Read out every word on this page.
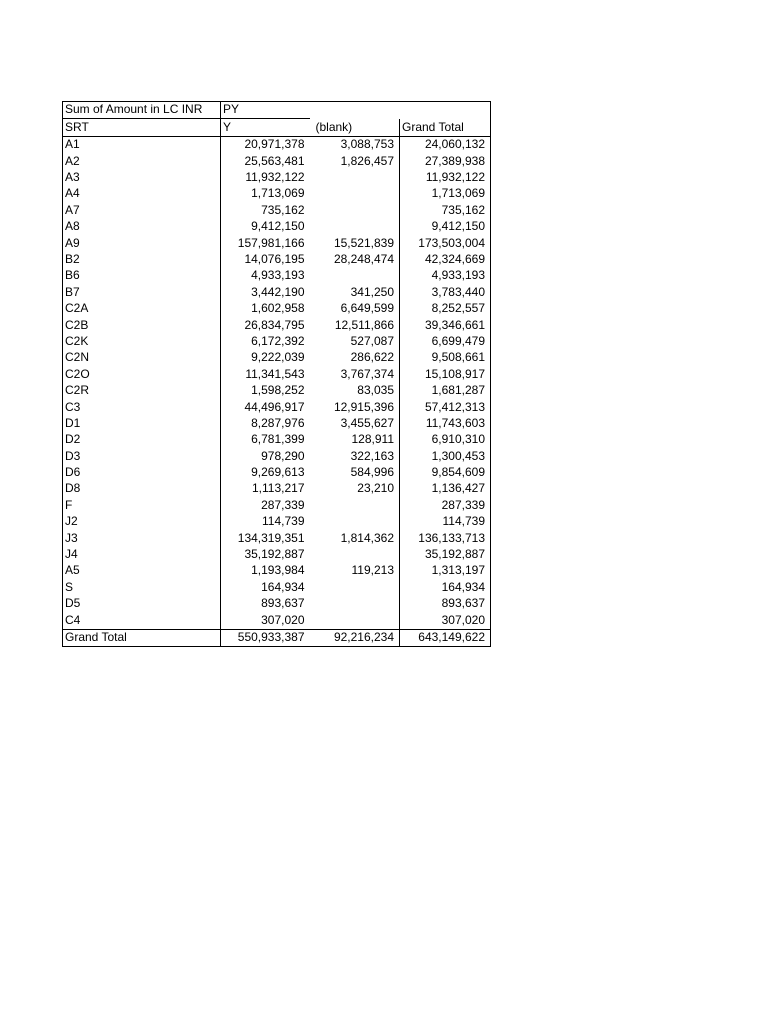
Sum of Amount in LC INR	PY		
SRT	Y	(blank)	Grand Total
A1	20,971,378	3,088,753	24,060,132
A2	25,563,481	1,826,457	27,389,938
A3	11,932,122		11,932,122
A4	1,713,069		1,713,069
A7	735,162		735,162
A8	9,412,150		9,412,150
A9	157,981,166	15,521,839	173,503,004
B2	14,076,195	28,248,474	42,324,669
B6	4,933,193		4,933,193
B7	3,442,190	341,250	3,783,440
C2A	1,602,958	6,649,599	8,252,557
C2B	26,834,795	12,511,866	39,346,661
C2K	6,172,392	527,087	6,699,479
C2N	9,222,039	286,622	9,508,661
C2O	11,341,543	3,767,374	15,108,917
C2R	1,598,252	83,035	1,681,287
C3	44,496,917	12,915,396	57,412,313
D1	8,287,976	3,455,627	11,743,603
D2	6,781,399	128,911	6,910,310
D3	978,290	322,163	1,300,453
D6	9,269,613	584,996	9,854,609
D8	1,113,217	23,210	1,136,427
F	287,339		287,339
J2	114,739		114,739
J3	134,319,351	1,814,362	136,133,713
J4	35,192,887		35,192,887
A5	1,193,984	119,213	1,313,197
S	164,934		164,934
D5	893,637		893,637
C4	307,020		307,020
Grand Total	550,933,387	92,216,234	643,149,622
